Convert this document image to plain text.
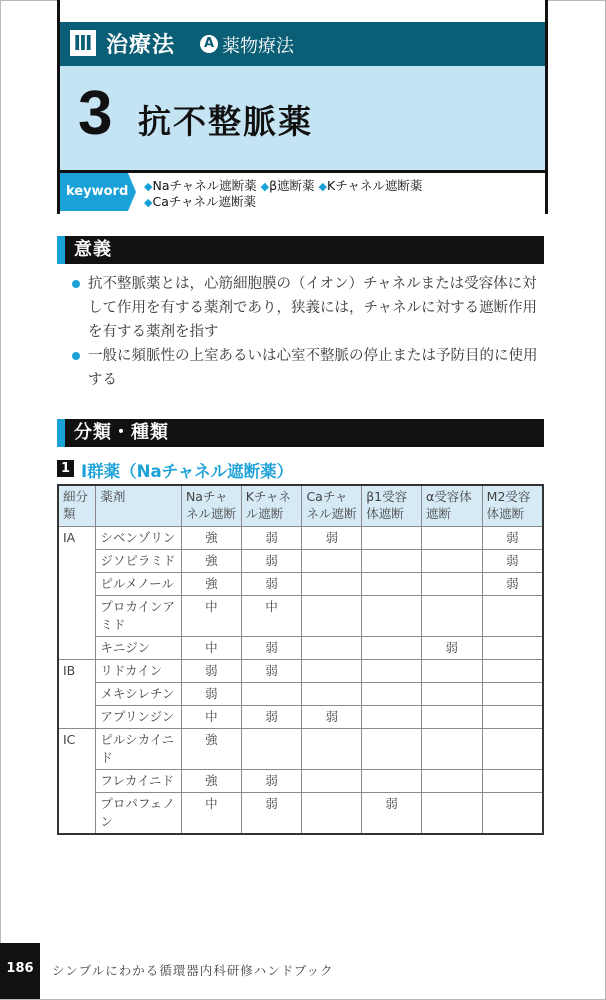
Ⅲ 治療法	A 薬物療法
3 抗不整脈薬
keyword ◆Naチャネル遮断薬 ◆β遮断薬 ◆Kチャネル遮断薬
◆Caチャネル遮断薬
意義
抗不整脈薬とは，心筋細胞膜の（イオン）チャネルまたは受容体に対して作用を有する薬剤であり，狭義には，チャネルに対する遮断作用を有する薬剤を指す
一般に頻脈性の上室あるいは心室不整脈の停止または予防目的に使用する
分類・種類
1 Ⅰ群薬（Naチャネル遮断薬）
細分類	薬剤	Naチャネル遮断	Kチャネル遮断	Caチャネル遮断	β1受容体遮断	α受容体遮断	M2受容体遮断
ⅠA	シベンゾリン	強	弱	弱			弱
	ジソピラミド	強	弱				弱
	ピルメノール	強	弱				弱
	プロカインアミド	中	中				
	キニジン	中	弱			弱	
ⅠB	リドカイン	弱	弱				
	メキシレチン	弱					
	アプリンジン	中	弱	弱			
ⅠC	ピルシカイニド	強					
	フレカイニド	強	弱				
	プロパフェノン	中	弱		弱		
186	シンプルにわかる循環器内科研修ハンドブック
